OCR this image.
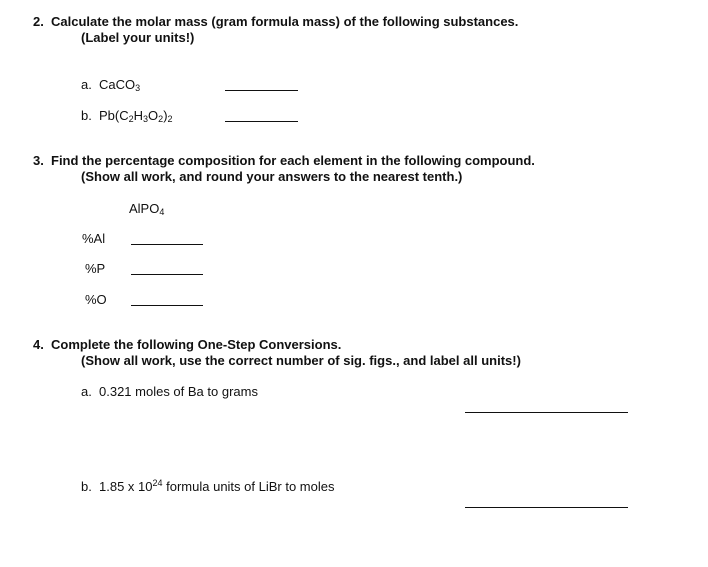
2. Calculate the molar mass (gram formula mass) of the following substances.
(Label your units!)
a. CaCO$_3$
b. $Pb(C_2H_3O_2)_2$
3. Find the percentage composition for each element in the following compound.
(Show all work, and round your answers to the nearest tenth.)
AlPO$_4$
%Al
%P
%O
4. Complete the following One-Step Conversions.
(Show all work, use the correct number of sig. figs., and label all units!)
a. 0.321 moles of Ba to grams
b. 1.85 x $10^{24}$ formula units of LiBr to moles
